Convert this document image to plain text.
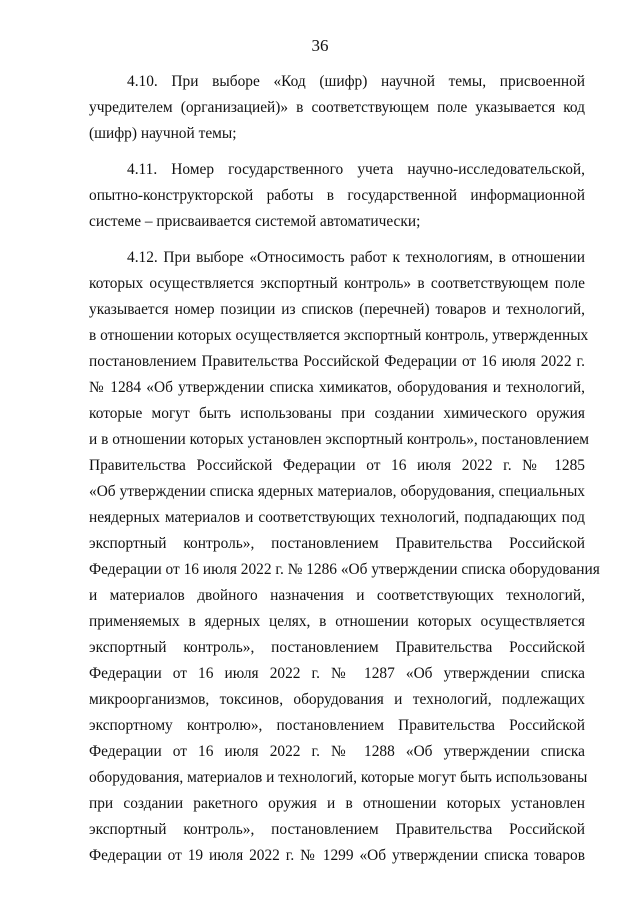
36
4.10. При выборе «Код (шифр) научной темы, присвоенной
учредителем (организацией)» в соответствующем поле указывается код
(шифр) научной темы;
4.11. Номер государственного учета научно-исследовательской,
опытно-конструкторской работы в государственной информационной
системе – присваивается системой автоматически;
4.12. При выборе «Относимость работ к технологиям, в отношении
которых осуществляется экспортный контроль» в соответствующем поле
указывается номер позиции из списков (перечней) товаров и технологий,
в отношении которых осуществляется экспортный контроль, утвержденных
постановлением Правительства Российской Федерации от 16 июля 2022 г.
№ 1284 «Об утверждении списка химикатов, оборудования и технологий,
которые могут быть использованы при создании химического оружия
и в отношении которых установлен экспортный контроль», постановлением
Правительства Российской Федерации от 16 июля 2022 г. № 1285
«Об утверждении списка ядерных материалов, оборудования, специальных
неядерных материалов и соответствующих технологий, подпадающих под
экспортный контроль», постановлением Правительства Российской
Федерации от 16 июля 2022 г. № 1286 «Об утверждении списка оборудования
и материалов двойного назначения и соответствующих технологий,
применяемых в ядерных целях, в отношении которых осуществляется
экспортный контроль», постановлением Правительства Российской
Федерации от 16 июля 2022 г. № 1287 «Об утверждении списка
микроорганизмов, токсинов, оборудования и технологий, подлежащих
экспортному контролю», постановлением Правительства Российской
Федерации от 16 июля 2022 г. № 1288 «Об утверждении списка
оборудования, материалов и технологий, которые могут быть использованы
при создании ракетного оружия и в отношении которых установлен
экспортный контроль», постановлением Правительства Российской
Федерации от 19 июля 2022 г. № 1299 «Об утверждении списка товаров
